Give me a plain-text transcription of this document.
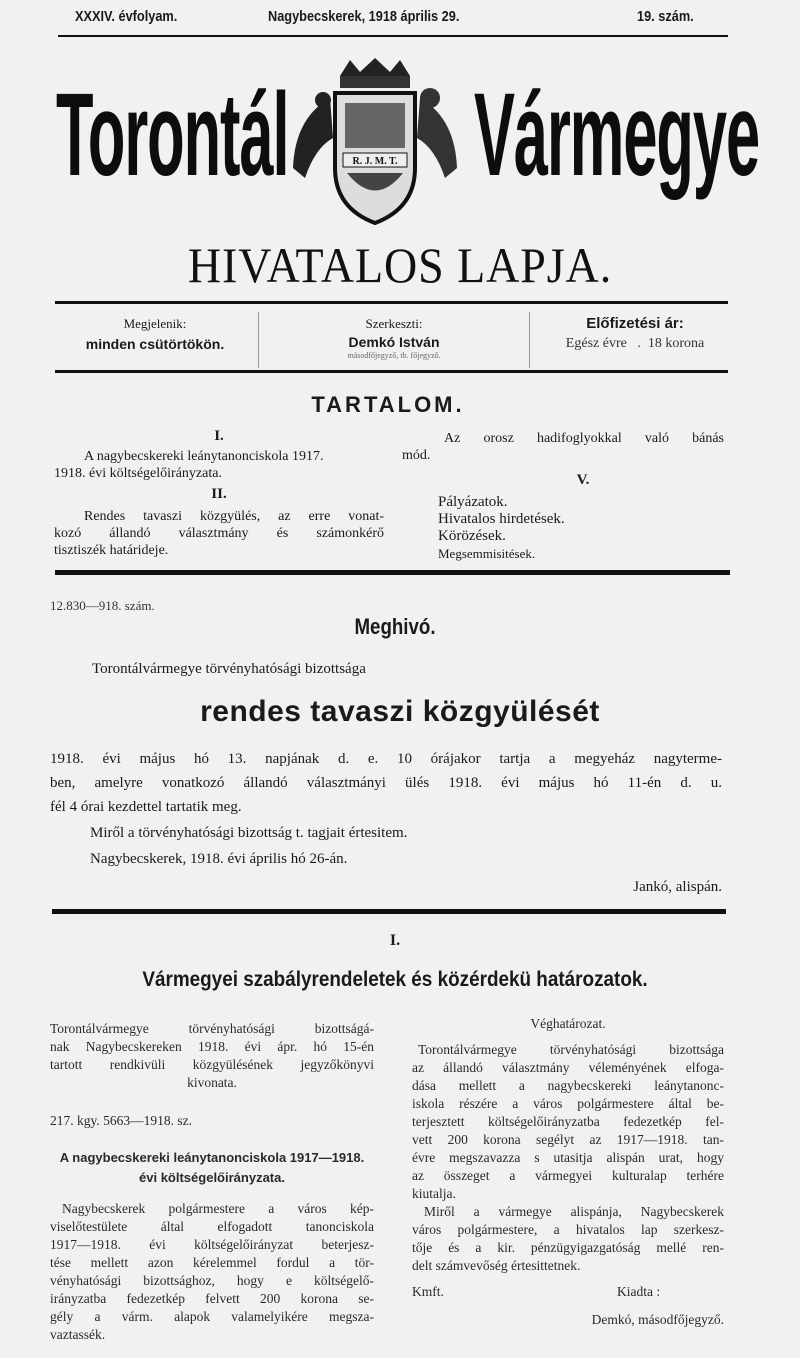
XXXIV. évfolyam.	Nagybecskerek, 1918 április 29.	19. szám.
Torontál Vármegye
R. J. M. T.
HIVATALOS LAPJA.
Megjelenik:
minden csütörtökön.
Szerkeszti:
Demkó István
másodfőjegyző, tb. főjegyző.
Előfizetési ár:
Egész évre   .  18 korona
TARTALOM.
I.
A nagybecskereki leánytanonciskola 1917.
1918. évi költségelőirányzata.
II.
Rendes tavaszi közgyülés, az erre vonat-
kozó állandó választmány és számonkérő
tisztiszék határideje.
Az orosz hadifoglyokkal való bánás
mód.
V.
Pályázatok.
Hivatalos hirdetések.
Körözések.
Megsemmisitések.
12.830—918. szám.
Meghivó.
Torontálvármegye törvényhatósági bizottsága
rendes tavaszi közgyülését
1918. évi május hó 13. napjának d. e. 10 órájakor tartja a megyeház nagyterme-
ben, amelyre vonatkozó állandó választmányi ülés 1918. évi május hó 11-én d. u.
fél 4 órai kezdettel tartatik meg.
Miről a törvényhatósági bizottság t. tagjait értesitem.
Nagybecskerek, 1918. évi április hó 26-án.
Jankó, alispán.
I.
Vármegyei szabályrendeletek és közérdekü határozatok.
Torontálvármegye törvényhatósági bizottságá-
nak Nagybecskereken 1918. évi ápr. hó 15-én
tartott rendkivüli közgyülésének jegyzőkönyvi
kivonata.
217. kgy. 5663—1918. sz.
A nagybecskereki leánytanonciskola 1917—1918.
évi költségelőirányzata.
Nagybecskerek polgármestere a város kép-
viselőtestülete által elfogadott tanonciskola
1917—1918. évi költségelőirányzat beterjesz-
tése mellett azon kérelemmel fordul a tör-
vényhatósági bizottsághoz, hogy e költségelő-
irányzatba fedezetkép felvett 200 korona se-
gély a várm. alapok valamelyikére megsza-
vaztassék.
Véghatározat.
Torontálvármegye törvényhatósági bizottsága
az állandó választmány véleményének elfoga-
dása mellett a nagybecskereki leánytanonc-
iskola részére a város polgármestere által be-
terjesztett költségelőirányzatba fedezetkép fel-
vett 200 korona segélyt az 1917—1918. tan-
évre megszavazza s utasitja alispán urat, hogy
az összeget a vármegyei kulturalap terhére
kiutalja.
Miről a vármegye alispánja, Nagybecskerek
város polgármestere, a hivatalos lap szerkesz-
tője és a kir. pénzügyigazgatóság mellé ren-
delt számvevőség értesittetnek.
Kmft.	Kiadta :
Demkó, másodfőjegyző.
